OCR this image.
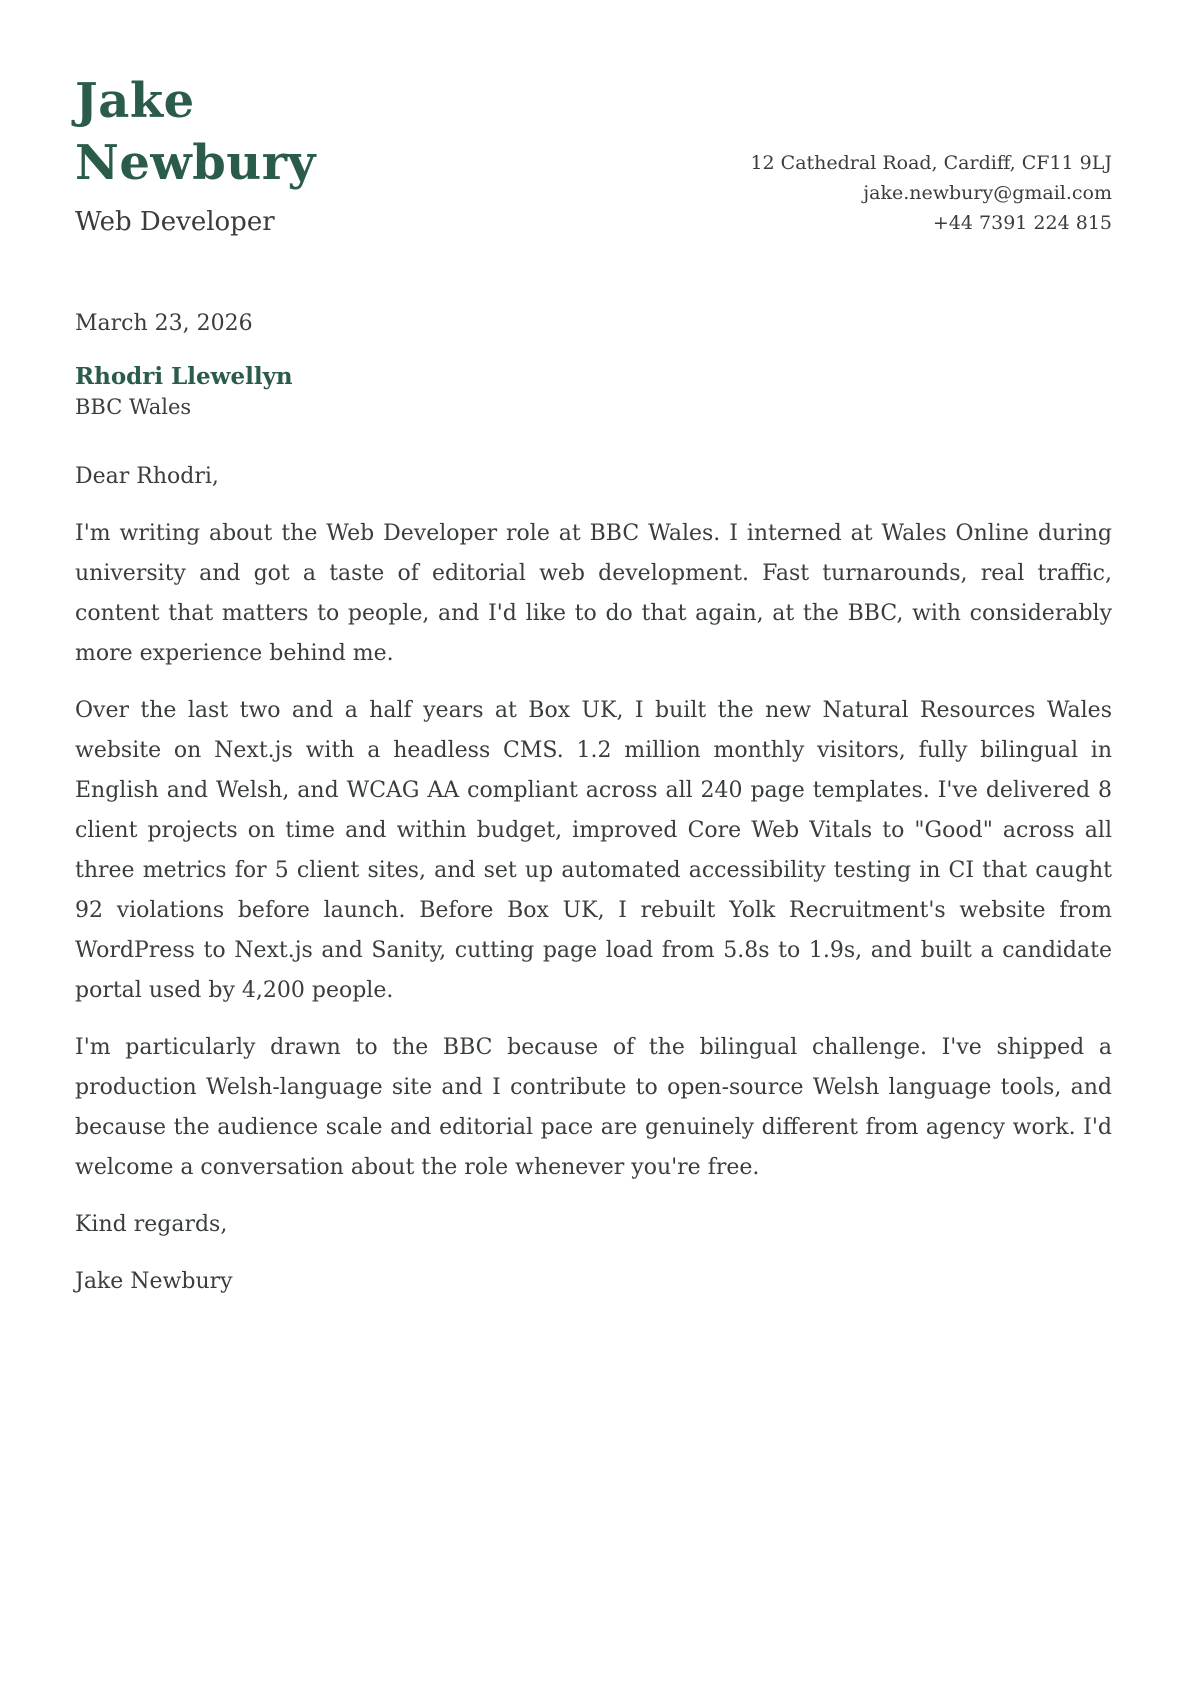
Jake
Newbury
Web Developer
12 Cathedral Road, Cardiff, CF11 9LJ
jake.newbury@gmail.com
+44 7391 224 815
March 23, 2026
Rhodri Llewellyn
BBC Wales

Dear Rhodri,

I'm writing about the Web Developer role at BBC Wales. I interned at Wales Online during university and got a taste of editorial web development. Fast turnarounds, real traffic, content that matters to people, and I'd like to do that again, at the BBC, with considerably more experience behind me.

Over the last two and a half years at Box UK, I built the new Natural Resources Wales website on Next.js with a headless CMS. 1.2 million monthly visitors, fully bilingual in English and Welsh, and WCAG AA compliant across all 240 page templates. I've delivered 8 client projects on time and within budget, improved Core Web Vitals to "Good" across all three metrics for 5 client sites, and set up automated accessibility testing in CI that caught 92 violations before launch. Before Box UK, I rebuilt Yolk Recruitment's website from WordPress to Next.js and Sanity, cutting page load from 5.8s to 1.9s, and built a candidate portal used by 4,200 people.

I'm particularly drawn to the BBC because of the bilingual challenge. I've shipped a production Welsh-language site and I contribute to open-source Welsh language tools, and because the audience scale and editorial pace are genuinely different from agency work. I'd welcome a conversation about the role whenever you're free.

Kind regards,

Jake Newbury
